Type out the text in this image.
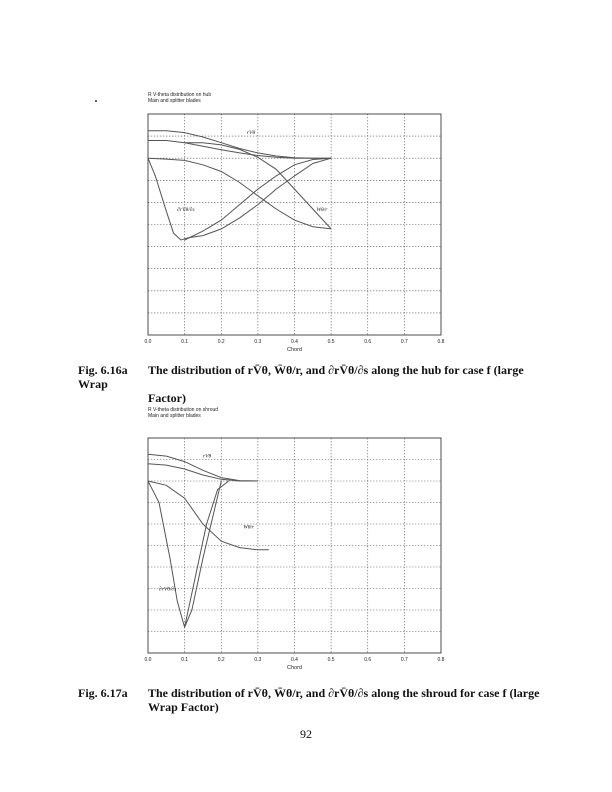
R V-theta distribution on hub
Main and splitter blades
0.0	0.1	0.2	0.3	0.4	0.5	0.6	0.7	0.8
Chord
rVθ
Wθ/r
∂rVθ/∂s
Fig. 6.16a The distribution of rV̄θ, W̄θ/r, and ∂rV̄θ/∂s along the hub for case f (large Wrap
Factor)
R V-theta distribution on shroud
Main and splitter blades
0.0	0.1	0.2	0.3	0.4	0.5	0.6	0.7	0.8
Chord
rVθ
Wθ/r
∂rVθ/∂s
Fig. 6.17a The distribution of rV̄θ, W̄θ/r, and ∂rV̄θ/∂s along the shroud for case f (large
Wrap Factor)
92
